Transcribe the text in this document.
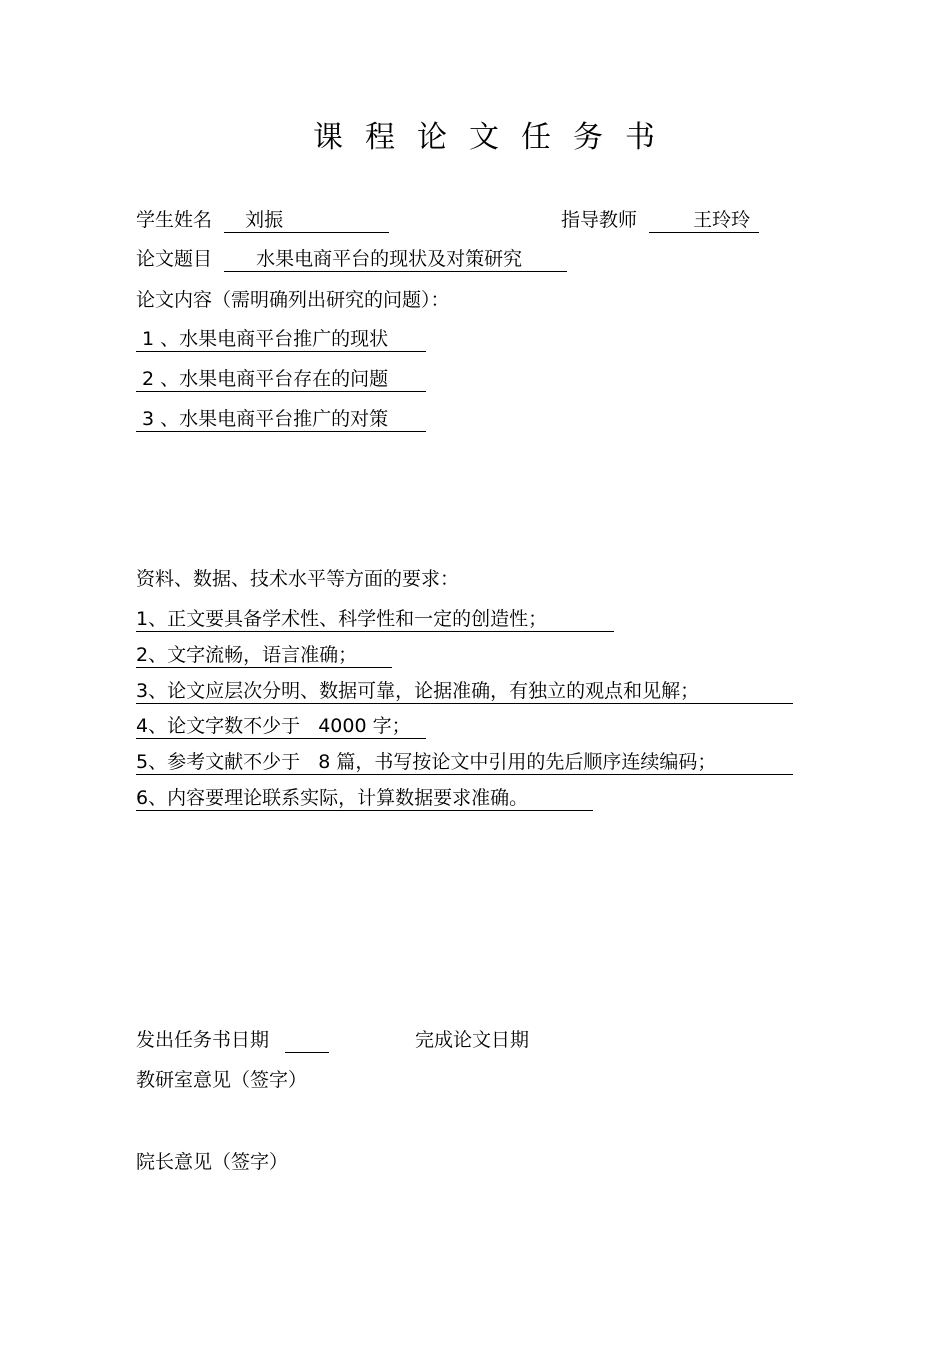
课程论文任务书
学生姓名 刘振	指导教师	王玲玲
论文题目 水果电商平台的现状及对策研究
论文内容（需明确列出研究的问题）：
1 、水果电商平台推广的现状
2 、水果电商平台存在的问题
3 、水果电商平台推广的对策
资料、数据、技术水平等方面的要求：
1、正文要具备学术性、科学性和一定的创造性；
2、文字流畅，语言准确；
3、论文应层次分明、数据可靠，论据准确，有独立的观点和见解；
4、论文字数不少于   4000 字；
5、参考文献不少于   8 篇，书写按论文中引用的先后顺序连续编码；
6、内容要理论联系实际，计算数据要求准确。
发出任务书日期	完成论文日期
教研室意见（签字）
院长意见（签字）
